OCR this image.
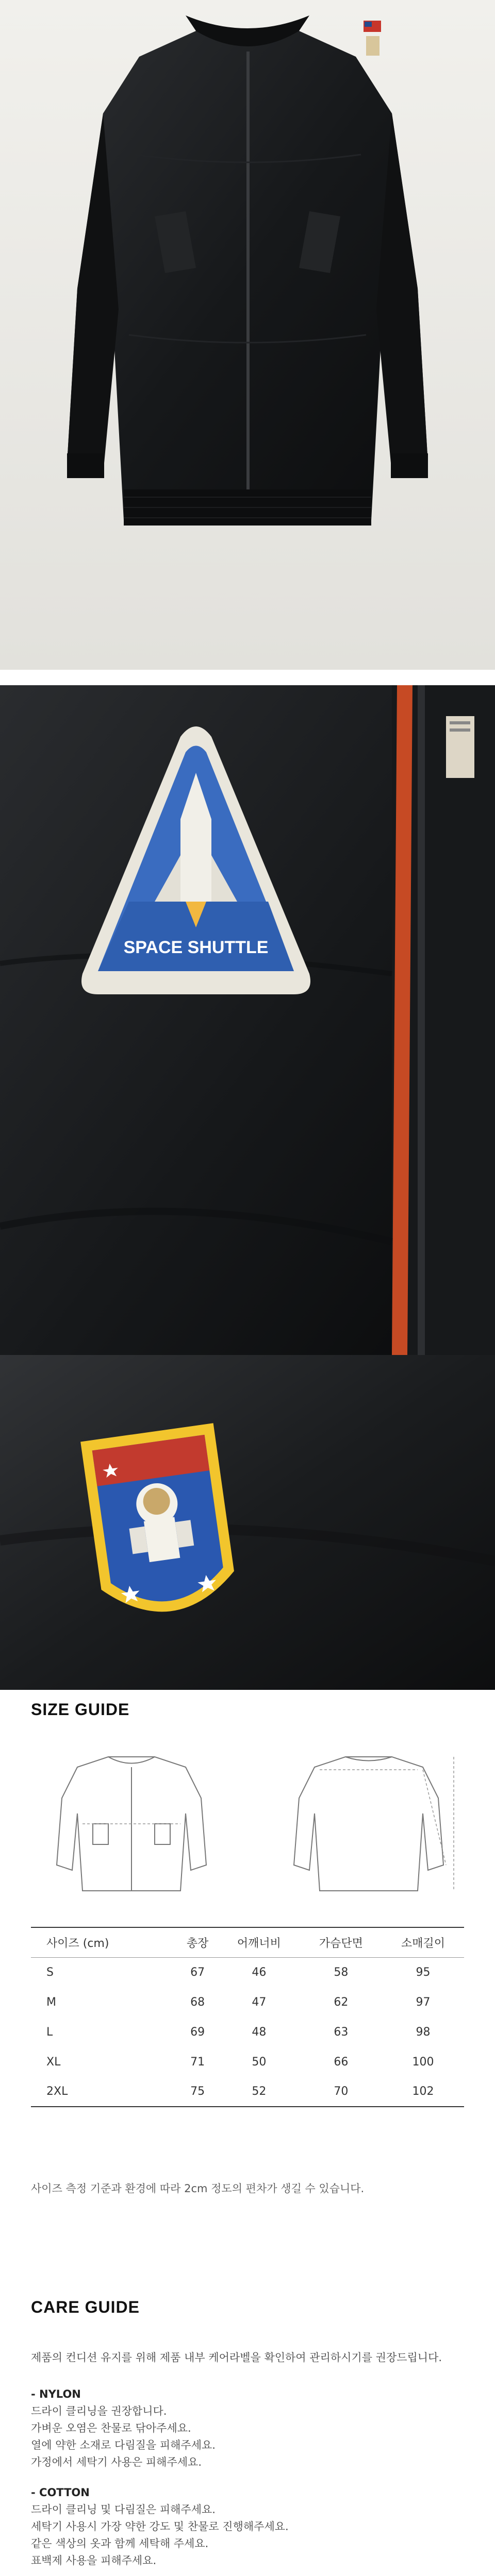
SPACE SHUTTLE
SIZE GUIDE
사이즈 (cm)	총장	어깨너비	가슴단면	소매길이
S	67	46	58	95
M	68	47	62	97
L	69	48	63	98
XL	71	50	66	100
2XL	75	52	70	102
사이즈 측정 기준과 환경에 따라 2cm 정도의 편차가 생길 수 있습니다.
CARE GUIDE

제품의 컨디션 유지를 위해 제품 내부 케어라벨을 확인하여 관리하시기를 권장드립니다.

- NYLON

드라이 클리닝을 권장합니다.

가벼운 오염은 찬물로 닦아주세요.

열에 약한 소재로 다림질을 피해주세요.

가정에서 세탁기 사용은 피해주세요.

- COTTON

드라이 클리닝 및 다림질은 피해주세요.

세탁기 사용시 가장 약한 강도 및 찬물로 진행해주세요.

같은 색상의 옷과 함께 세탁해 주세요.

표백제 사용을 피해주세요.
